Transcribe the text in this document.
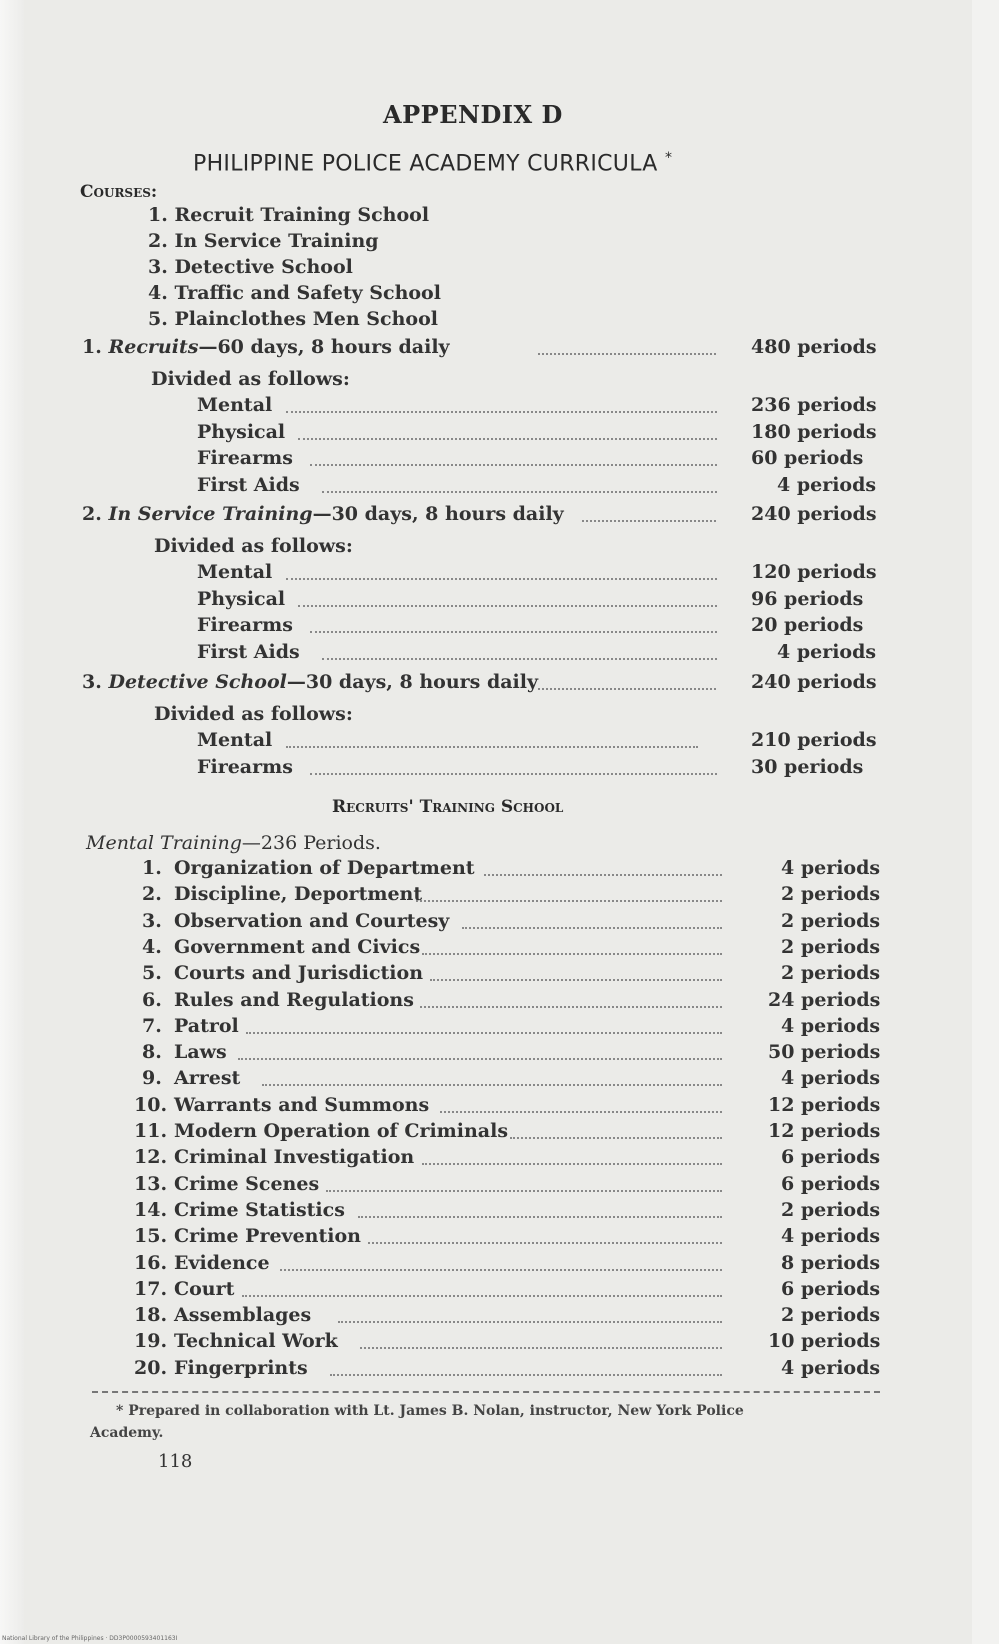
APPENDIX D
PHILIPPINE POLICE ACADEMY CURRICULA *
Courses:
1. Recruit Training School
2. In Service Training
3. Detective School
4. Traffic and Safety School
5. Plainclothes Men School
1. Recruits—60 days, 8 hours daily	480 periods
Divided as follows:
Mental	236 periods
Physical	180 periods
Firearms	60 periods
First Aids	4 periods
2. In Service Training—30 days, 8 hours daily	240 periods
Divided as follows:
Mental	120 periods
Physical	96 periods
Firearms	20 periods
First Aids	4 periods
3. Detective School—30 days, 8 hours daily	240 periods
Divided as follows:
Mental	210 periods
Firearms	30 periods
Recruits' Training School
Mental Training—236 Periods.
1. Organization of Department	4 periods
2. Discipline, Deportment	2 periods
3. Observation and Courtesy	2 periods
4. Government and Civics	2 periods
5. Courts and Jurisdiction	2 periods
6. Rules and Regulations	24 periods
7. Patrol	4 periods
8. Laws	50 periods
9. Arrest	4 periods
10. Warrants and Summons	12 periods
11. Modern Operation of Criminals	12 periods
12. Criminal Investigation	6 periods
13. Crime Scenes	6 periods
14. Crime Statistics	2 periods
15. Crime Prevention	4 periods
16. Evidence	8 periods
17. Court	6 periods
18. Assemblages	2 periods
19. Technical Work	10 periods
20. Fingerprints	4 periods
* Prepared in collaboration with Lt. James B. Nolan, instructor, New York Police
Academy.
118
National Library of the Philippines · DD3P0000593401163I
